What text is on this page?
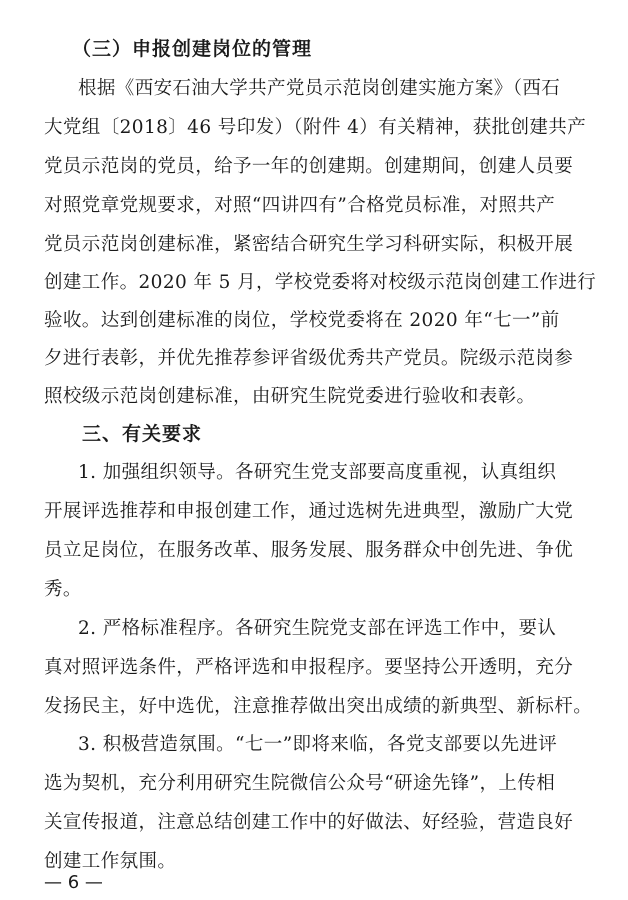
（三）申报创建岗位的管理
根据《西安石油大学共产党员示范岗创建实施方案》（西石
大党组〔2018〕46 号印发）（附件 4）有关精神，获批创建共产
党员示范岗的党员，给予一年的创建期。创建期间，创建人员要
对照党章党规要求，对照“四讲四有”合格党员标准，对照共产
党员示范岗创建标准，紧密结合研究生学习科研实际，积极开展
创建工作。2020 年 5 月，学校党委将对校级示范岗创建工作进行
验收。达到创建标准的岗位，学校党委将在 2020 年“七一”前
夕进行表彰，并优先推荐参评省级优秀共产党员。院级示范岗参
照校级示范岗创建标准，由研究生院党委进行验收和表彰。
三、有关要求
1. 加强组织领导。各研究生党支部要高度重视，认真组织
开展评选推荐和申报创建工作，通过选树先进典型，激励广大党
员立足岗位，在服务改革、服务发展、服务群众中创先进、争优
秀。
2. 严格标准程序。各研究生院党支部在评选工作中，要认
真对照评选条件，严格评选和申报程序。要坚持公开透明，充分
发扬民主，好中选优，注意推荐做出突出成绩的新典型、新标杆。
3. 积极营造氛围。“七一”即将来临，各党支部要以先进评
选为契机，充分利用研究生院微信公众号“研途先锋”，上传相
关宣传报道，注意总结创建工作中的好做法、好经验，营造良好
创建工作氛围。
— 6 —
